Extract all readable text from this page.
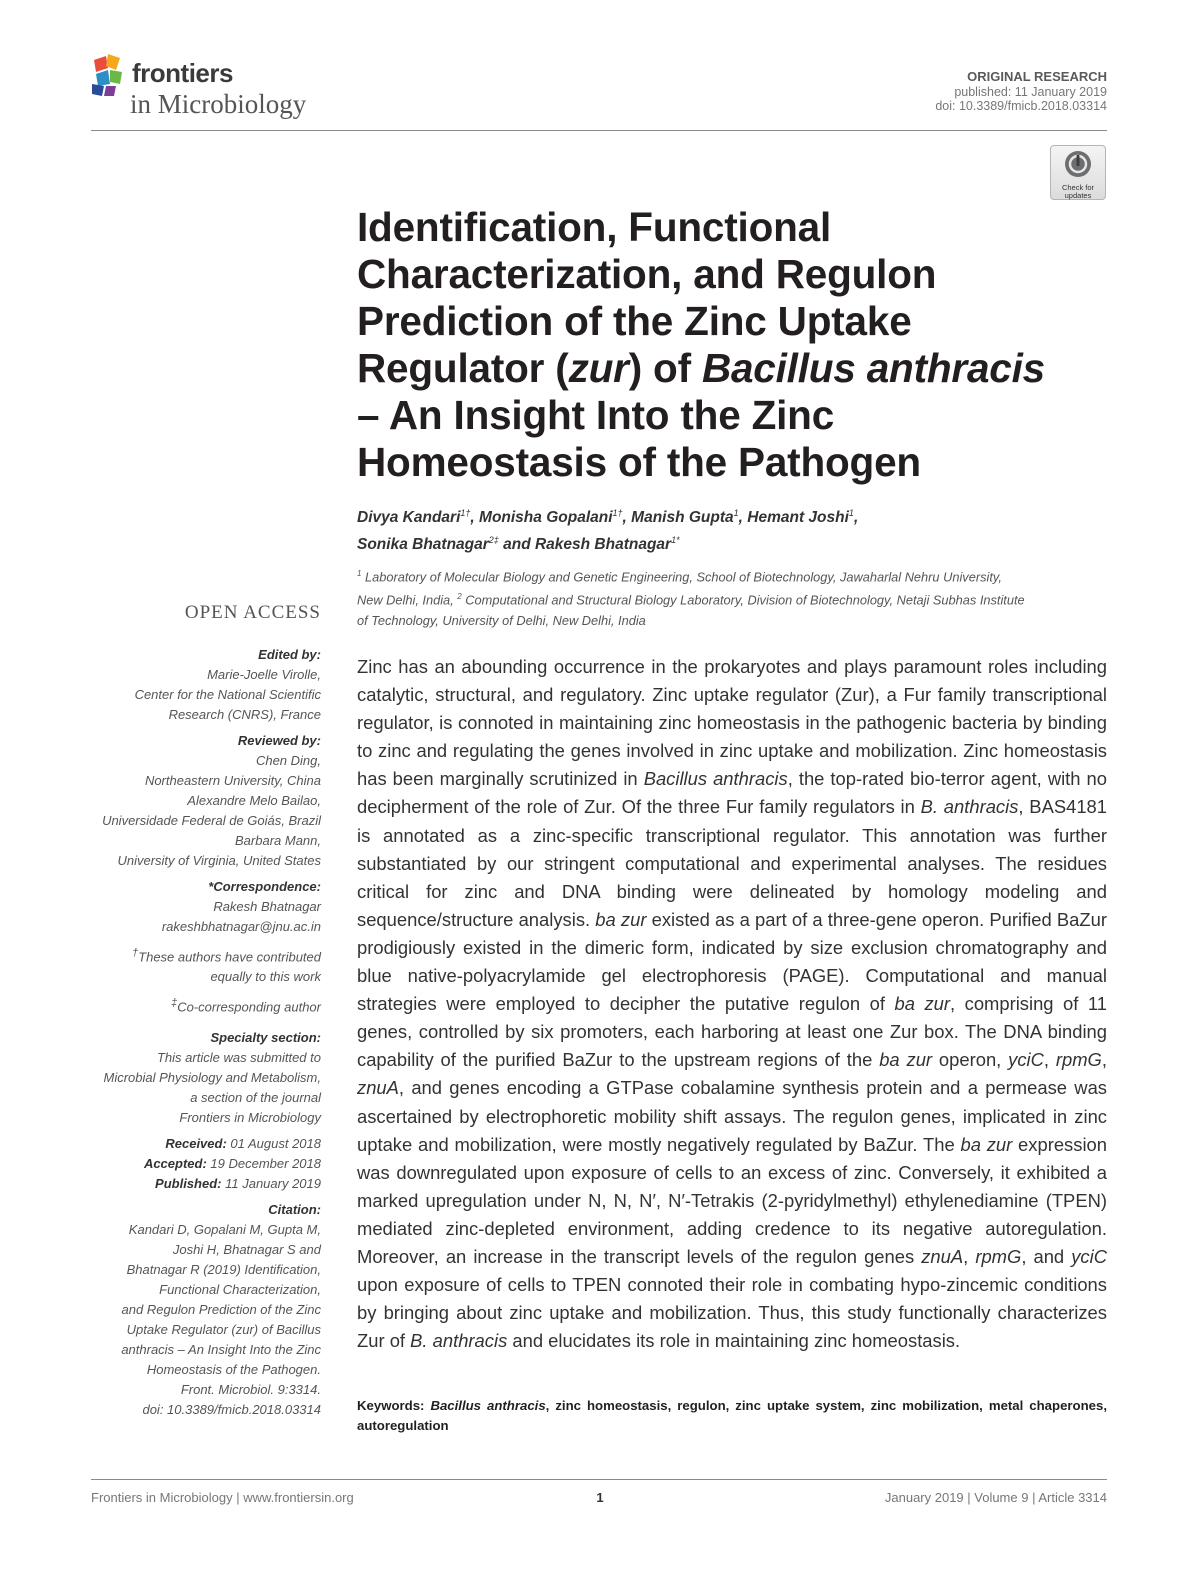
frontiers
in Microbiology
ORIGINAL RESEARCH
published: 11 January 2019
doi: 10.3389/fmicb.2018.03314
Check for
updates
Identification, Functional
Characterization, and Regulon
Prediction of the Zinc Uptake
Regulator (zur) of Bacillus anthracis
– An Insight Into the Zinc
Homeostasis of the Pathogen
Divya Kandari$^{1\dagger}$, Monisha Gopalani$^{1\dagger}$, Manish Gupta$^1$, Hemant Joshi$^1$,
Sonika Bhatnagar$^{2\ddagger}$ and Rakesh Bhatnagar$^{1*}$
$^1$ Laboratory of Molecular Biology and Genetic Engineering, School of Biotechnology, Jawaharlal Nehru University,
New Delhi, India, $^2$ Computational and Structural Biology Laboratory, Division of Biotechnology, Netaji Subhas Institute
of Technology, University of Delhi, New Delhi, India
OPEN ACCESS
Edited by:
Marie-Joelle Virolle,
Center for the National Scientific
Research (CNRS), France
Reviewed by:
Chen Ding,
Northeastern University, China
Alexandre Melo Bailao,
Universidade Federal de Goiás, Brazil
Barbara Mann,
University of Virginia, United States
*Correspondence:
Rakesh Bhatnagar
rakeshbhatnagar@jnu.ac.in
†These authors have contributed
equally to this work
‡Co-corresponding author
Specialty section:
This article was submitted to
Microbial Physiology and Metabolism,
a section of the journal
Frontiers in Microbiology
Received: 01 August 2018
Accepted: 19 December 2018
Published: 11 January 2019
Citation:
Kandari D, Gopalani M, Gupta M,
Joshi H, Bhatnagar S and
Bhatnagar R (2019) Identification,
Functional Characterization,
and Regulon Prediction of the Zinc
Uptake Regulator (zur) of Bacillus
anthracis – An Insight Into the Zinc
Homeostasis of the Pathogen.
Front. Microbiol. 9:3314.
doi: 10.3389/fmicb.2018.03314
Zinc has an abounding occurrence in the prokaryotes and plays paramount roles including catalytic, structural, and regulatory. Zinc uptake regulator (Zur), a Fur family transcriptional regulator, is connoted in maintaining zinc homeostasis in the pathogenic bacteria by binding to zinc and regulating the genes involved in zinc uptake and mobilization. Zinc homeostasis has been marginally scrutinized in Bacillus anthracis, the top-rated bio-terror agent, with no decipherment of the role of Zur. Of the three Fur family regulators in B. anthracis, BAS4181 is annotated as a zinc-specific transcriptional regulator. This annotation was further substantiated by our stringent computational and experimental analyses. The residues critical for zinc and DNA binding were delineated by homology modeling and sequence/structure analysis. ba zur existed as a part of a three-gene operon. Purified BaZur prodigiously existed in the dimeric form, indicated by size exclusion chromatography and blue native-polyacrylamide gel electrophoresis (PAGE). Computational and manual strategies were employed to decipher the putative regulon of ba zur, comprising of 11 genes, controlled by six promoters, each harboring at least one Zur box. The DNA binding capability of the purified BaZur to the upstream regions of the ba zur operon, yciC, rpmG, znuA, and genes encoding a GTPase cobalamine synthesis protein and a permease was ascertained by electrophoretic mobility shift assays. The regulon genes, implicated in zinc uptake and mobilization, were mostly negatively regulated by BaZur. The ba zur expression was downregulated upon exposure of cells to an excess of zinc. Conversely, it exhibited a marked upregulation under N, N, N′, N′-Tetrakis (2-pyridylmethyl) ethylenediamine (TPEN) mediated zinc-depleted environment, adding credence to its negative autoregulation. Moreover, an increase in the transcript levels of the regulon genes znuA, rpmG, and yciC upon exposure of cells to TPEN connoted their role in combating hypo-zincemic conditions by bringing about zinc uptake and mobilization. Thus, this study functionally characterizes Zur of B. anthracis and elucidates its role in maintaining zinc homeostasis.
Keywords: Bacillus anthracis, zinc homeostasis, regulon, zinc uptake system, zinc mobilization, metal chaperones, autoregulation
Frontiers in Microbiology | www.frontiersin.org	1	January 2019 | Volume 9 | Article 3314
